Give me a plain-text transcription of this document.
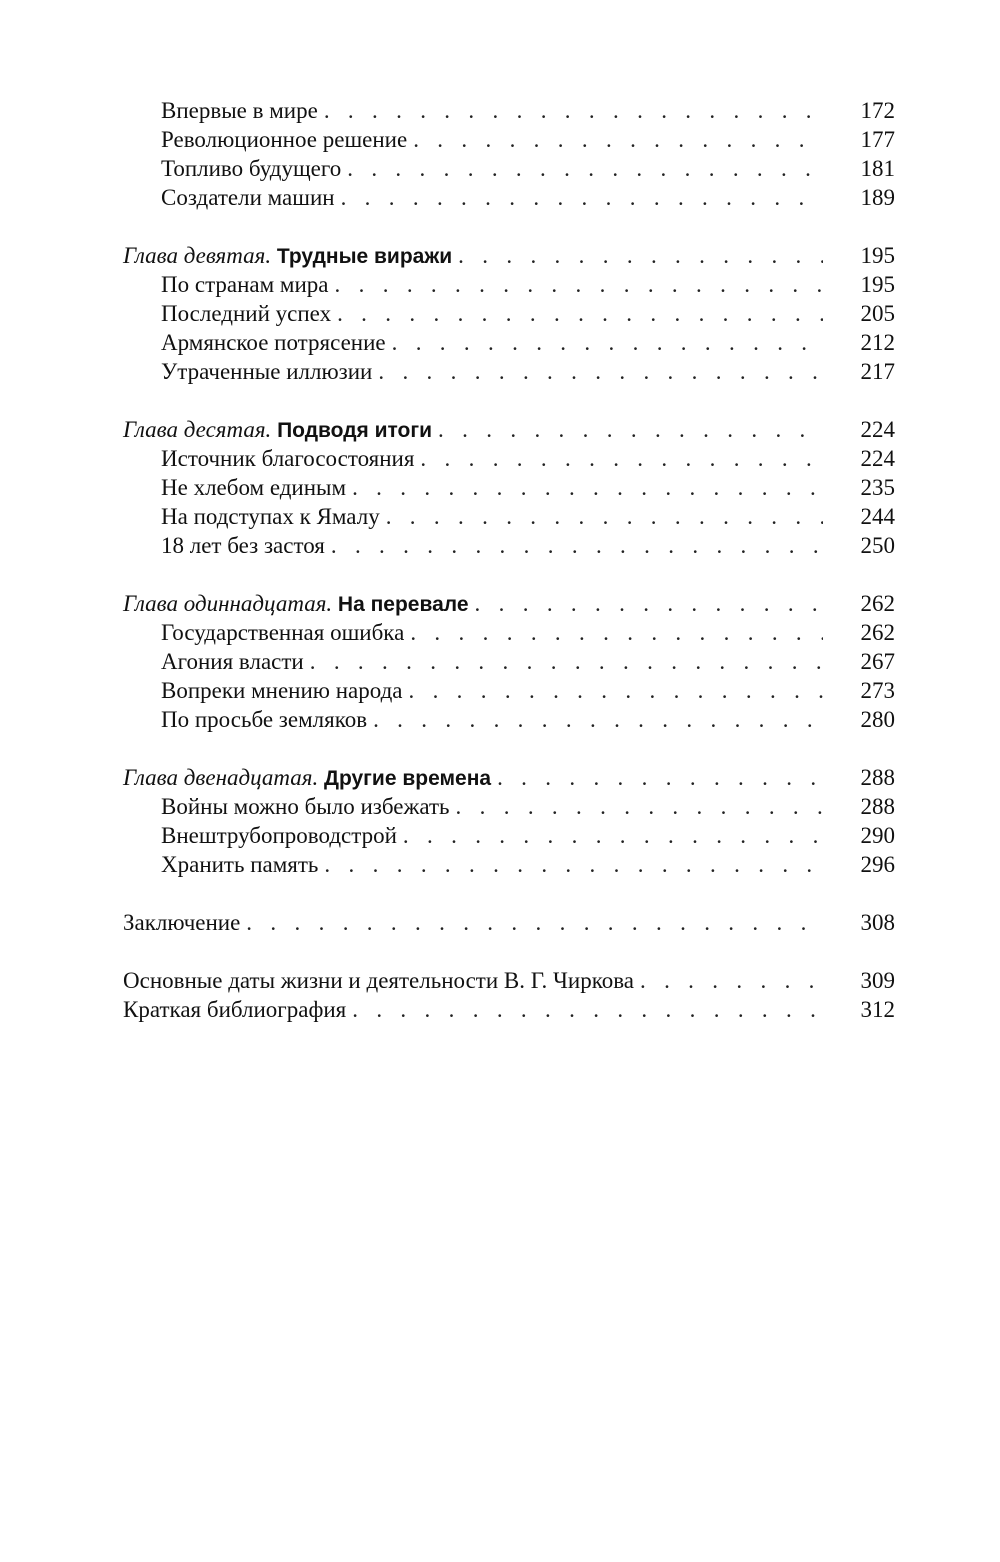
Впервые в мире . . .	172
Революционное решение . . .	177
Топливо будущего . . .	181
Создатели машин . . .	189
Глава девятая. Трудные виражи . . .	195
По странам мира . . .	195
Последний успех . . .	205
Армянское потрясение . . .	212
Утраченные иллюзии . . .	217
Глава десятая. Подводя итоги . . .	224
Источник благосостояния . . .	224
Не хлебом единым . . .	235
На подступах к Ямалу . . .	244
18 лет без застоя . . .	250
Глава одиннадцатая. На перевале . . .	262
Государственная ошибка . . .	262
Агония власти . . .	267
Вопреки мнению народа . . .	273
По просьбе земляков . . .	280
Глава двенадцатая. Другие времена . . .	288
Войны можно было избежать . . .	288
Внештрубопроводстрой . . .	290
Хранить память . . .	296
Заключение . . .	308
Основные даты жизни и деятельности В. Г. Чиркова . . .	309
Краткая библиография . . .	312
